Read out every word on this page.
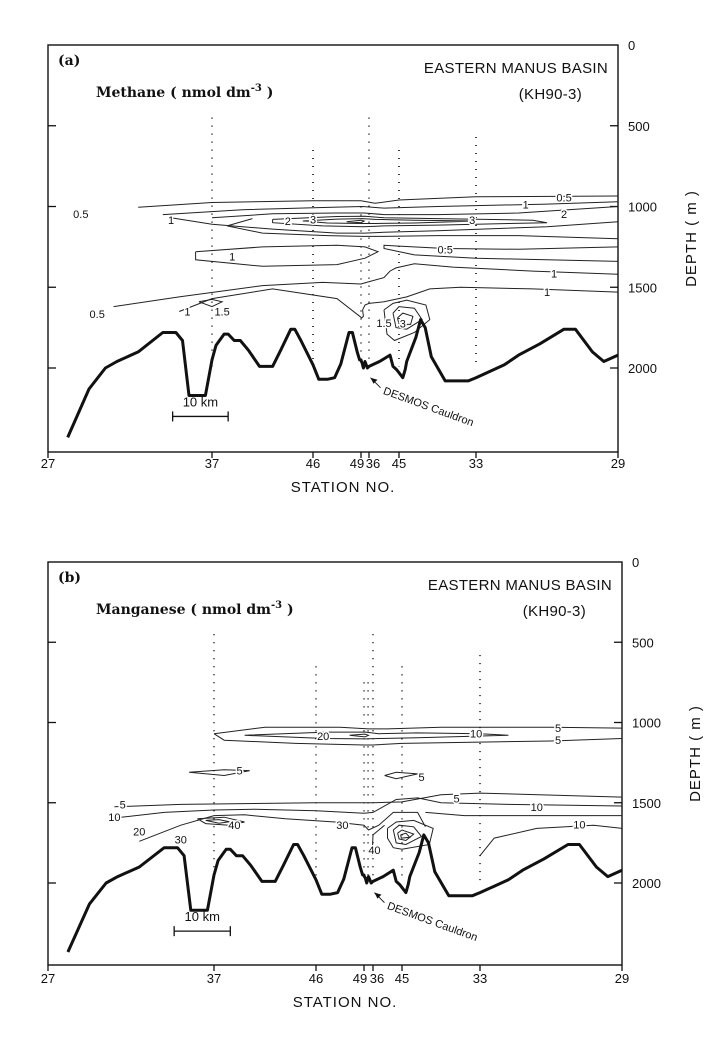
0
500
1000
1500
2000
27	37	46 49 36 45	33	29
STATION NO.
DEPTH ( m )
(a)
Methane ( nmol $dm^{-3}$ )
EASTERN MANUS BASIN
(KH90-3)
0.5
1
2
3
2 3
1
0.5
1
0.5
1
1
0.5	1 1.5
1.5 3
10 km	DESMOS Cauldron
0
500
1000
1500
2000
27	37	46 49 36 45	33	29
STATION NO.
DEPTH ( m )
(b)
Manganese ( nmol $dm^{-3}$ )
EASTERN MANUS BASIN
(KH90-3)
5
5
10
20
5
5
5
10
20
30
40	30
5
10
10
40
10 km	DESMOS Cauldron
